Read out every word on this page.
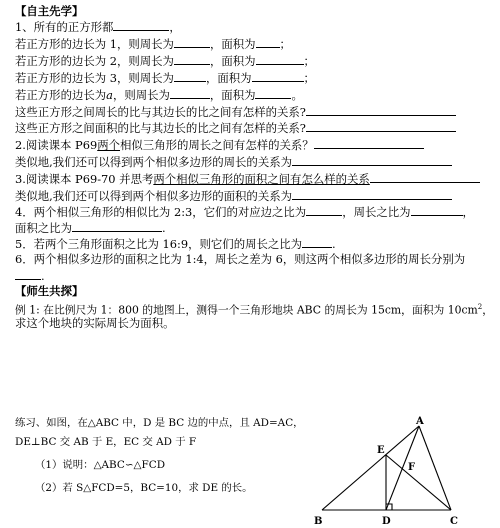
【自主先学】
1、所有的正方形都	，
若正方形的边长为 1，则周长为	，面积为 ；
若正方形的边长为 2，则周长为	，面积为	；
若正方形的边长为 3，则周长为	，面积为	；
若正方形的边长为a，则周长为	，面积为	。
这些正方形之间周长的比与其边长的比之间有怎样的关系?
这些正方形之间面积的比与其边长的比之间有怎样的关系?
2.阅读课本 P69两个相似三角形的周长之间有怎样的关系？
类似地,我们还可以得到两个相似多边形的周长的关系为
3.阅读课本 P69-70 并思考两个相似三角形的面积之间有怎么样的关系
类似地,我们还可以得到两个相似多边形的面积的关系为
4．两个相似三角形的相似比为 2:3，它们的对应边之比为	，周长之比为	，
面积之比为	.
5．若两个三角形面积之比为 16:9，则它们的周长之比为	.
6．两个相似多边形的面积之比为 1:4，周长之差为 6，则这两个相似多边形的周长分别为
.
【师生共探】
例 1: 在比例尺为 1：800 的地图上，测得一个三角形地块 ABC 的周长为 15cm，面积为 $10cm^2$，
求这个地块的实际周长为面积。
练习、如图，在△ABC 中，D 是 BC 边的中点，且 AD=AC，
DE⊥BC 交 AB 于 E，EC 交 AD 于 F
（1）说明：△ABC∽△FCD
（2）若 S△FCD=5，BC=10，求 DE 的长。
A
B	C
D
E
F
